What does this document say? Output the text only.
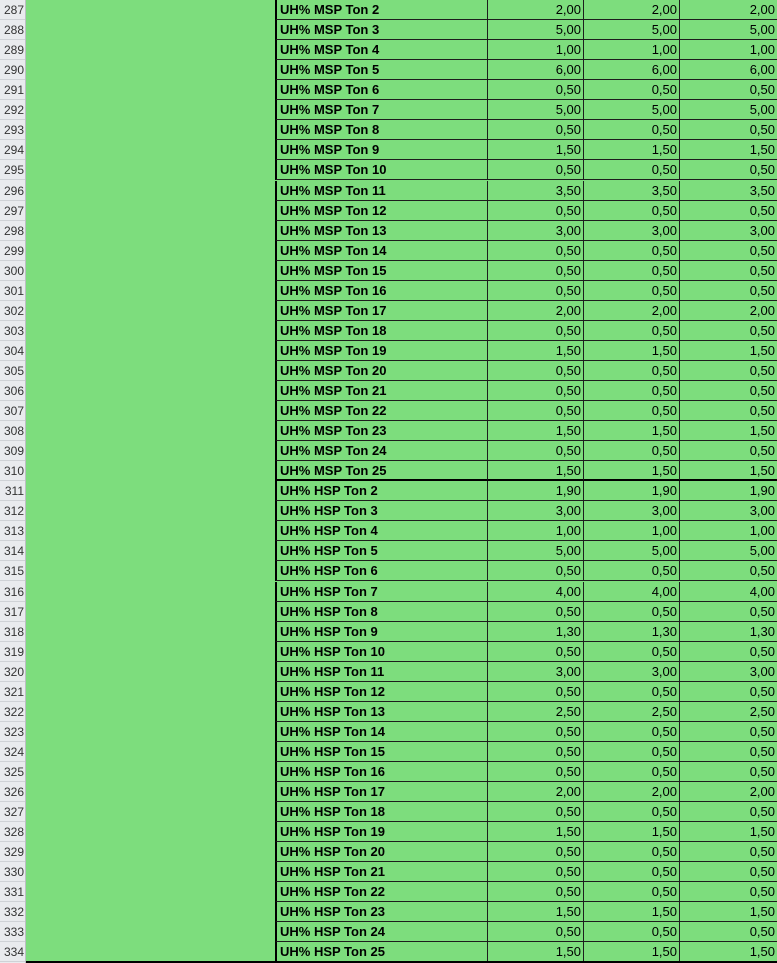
287	UH% MSP Ton 2	2,00	2,00	2,00
288	UH% MSP Ton 3	5,00	5,00	5,00
289	UH% MSP Ton 4	1,00	1,00	1,00
290	UH% MSP Ton 5	6,00	6,00	6,00
291	UH% MSP Ton 6	0,50	0,50	0,50
292	UH% MSP Ton 7	5,00	5,00	5,00
293	UH% MSP Ton 8	0,50	0,50	0,50
294	UH% MSP Ton 9	1,50	1,50	1,50
295	UH% MSP Ton 10	0,50	0,50	0,50
296	UH% MSP Ton 11	3,50	3,50	3,50
297	UH% MSP Ton 12	0,50	0,50	0,50
298	UH% MSP Ton 13	3,00	3,00	3,00
299	UH% MSP Ton 14	0,50	0,50	0,50
300	UH% MSP Ton 15	0,50	0,50	0,50
301	UH% MSP Ton 16	0,50	0,50	0,50
302	UH% MSP Ton 17	2,00	2,00	2,00
303	UH% MSP Ton 18	0,50	0,50	0,50
304	UH% MSP Ton 19	1,50	1,50	1,50
305	UH% MSP Ton 20	0,50	0,50	0,50
306	UH% MSP Ton 21	0,50	0,50	0,50
307	UH% MSP Ton 22	0,50	0,50	0,50
308	UH% MSP Ton 23	1,50	1,50	1,50
309	UH% MSP Ton 24	0,50	0,50	0,50
310	UH% MSP Ton 25	1,50	1,50	1,50
311	UH% HSP Ton 2	1,90	1,90	1,90
312	UH% HSP Ton 3	3,00	3,00	3,00
313	UH% HSP Ton 4	1,00	1,00	1,00
314	UH% HSP Ton 5	5,00	5,00	5,00
315	UH% HSP Ton 6	0,50	0,50	0,50
316	UH% HSP Ton 7	4,00	4,00	4,00
317	UH% HSP Ton 8	0,50	0,50	0,50
318	UH% HSP Ton 9	1,30	1,30	1,30
319	UH% HSP Ton 10	0,50	0,50	0,50
320	UH% HSP Ton 11	3,00	3,00	3,00
321	UH% HSP Ton 12	0,50	0,50	0,50
322	UH% HSP Ton 13	2,50	2,50	2,50
323	UH% HSP Ton 14	0,50	0,50	0,50
324	UH% HSP Ton 15	0,50	0,50	0,50
325	UH% HSP Ton 16	0,50	0,50	0,50
326	UH% HSP Ton 17	2,00	2,00	2,00
327	UH% HSP Ton 18	0,50	0,50	0,50
328	UH% HSP Ton 19	1,50	1,50	1,50
329	UH% HSP Ton 20	0,50	0,50	0,50
330	UH% HSP Ton 21	0,50	0,50	0,50
331	UH% HSP Ton 22	0,50	0,50	0,50
332	UH% HSP Ton 23	1,50	1,50	1,50
333	UH% HSP Ton 24	0,50	0,50	0,50
334	UH% HSP Ton 25	1,50	1,50	1,50
